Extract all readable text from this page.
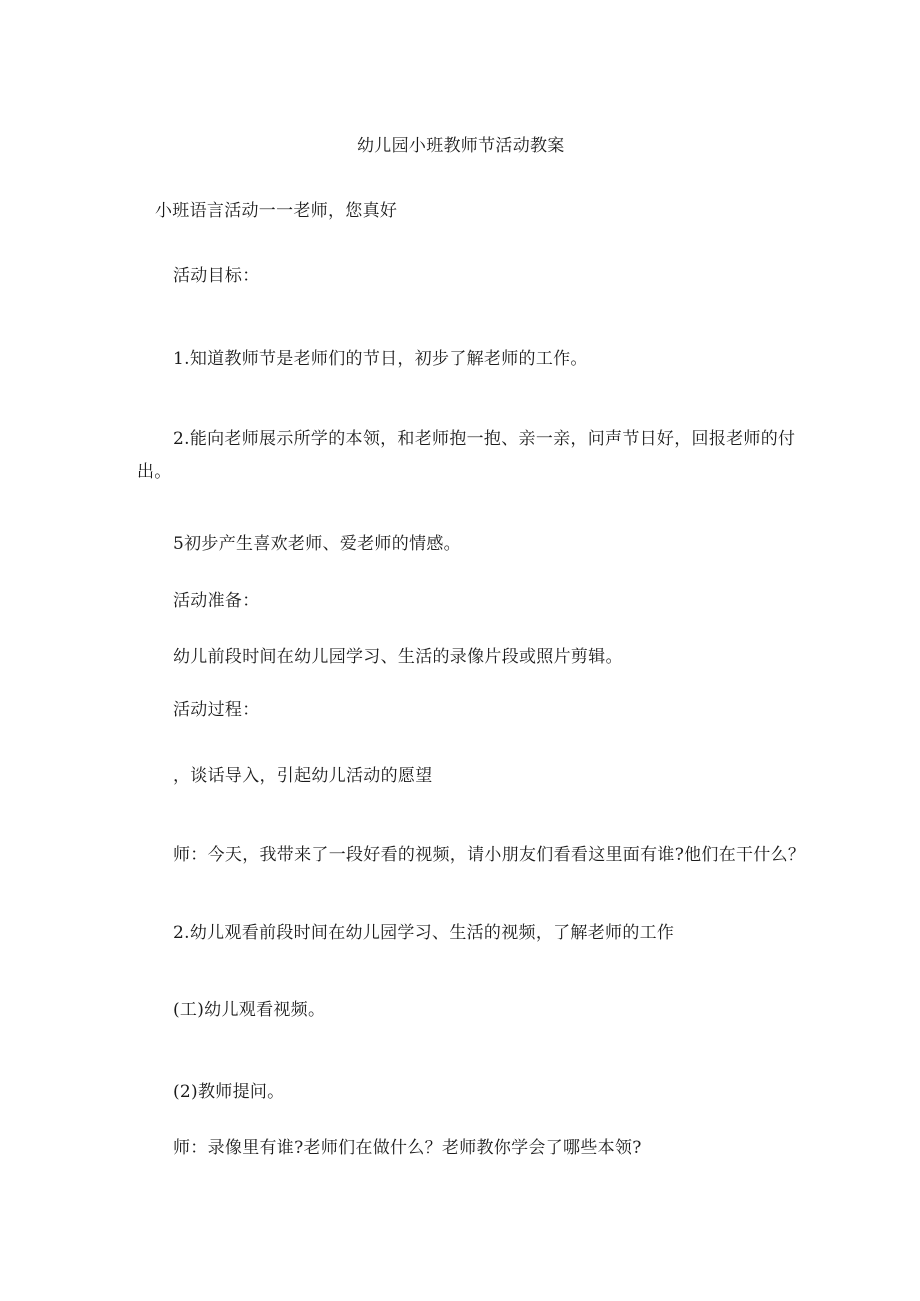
幼儿园小班教师节活动教案
小班语言活动一一老师，您真好
活动目标：
1.知道教师节是老师们的节日，初步了解老师的工作。
2.能向老师展示所学的本领，和老师抱一抱、亲一亲，问声节日好，回报老师的付
出。
5初步产生喜欢老师、爱老师的情感。
活动准备：
幼儿前段时间在幼儿园学习、生活的录像片段或照片剪辑。
活动过程：
，谈话导入，引起幼儿活动的愿望
师：今天，我带来了一段好看的视频，请小朋友们看看这里面有谁?他们在干什么？
2.幼儿观看前段时间在幼儿园学习、生活的视频，了解老师的工作
(工)幼儿观看视频。
(2)教师提问。
师：录像里有谁?老师们在做什么？老师教你学会了哪些本领?
